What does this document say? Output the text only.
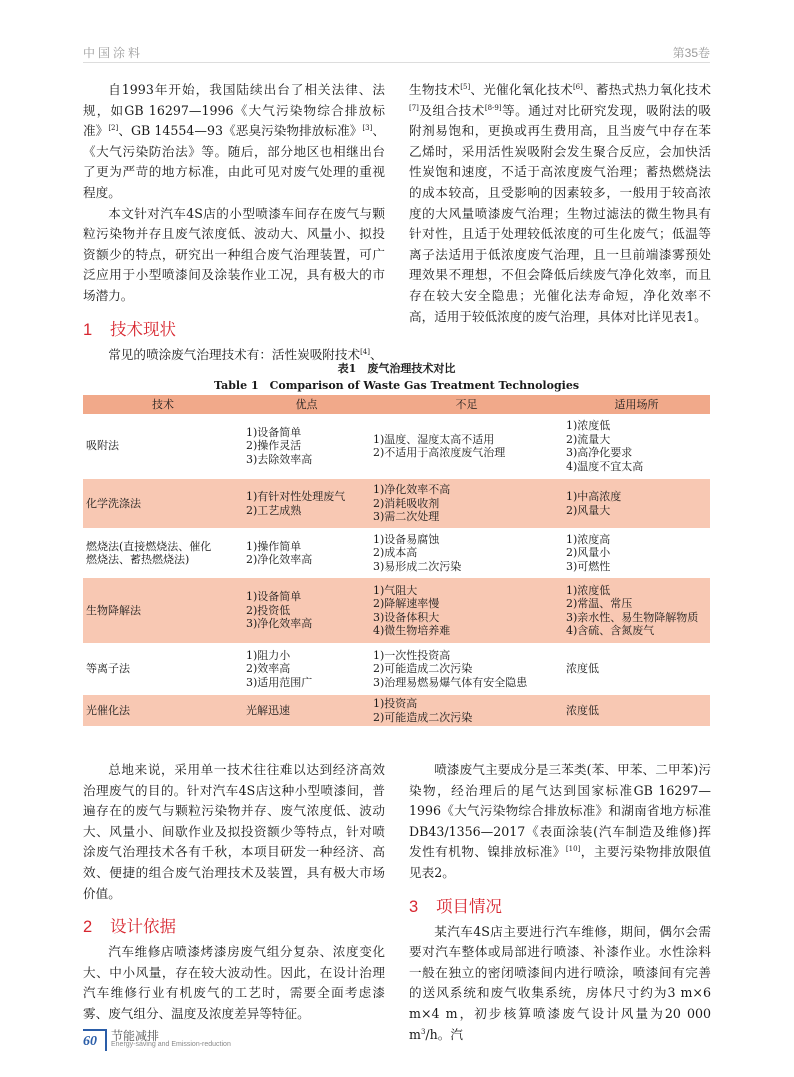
中国涂料	第35卷

自1993年开始，我国陆续出台了相关法律、法规，如GB 16297—1996《大气污染物综合排放标准》[2]、GB 14554—93《恶臭污染物排放标准》[3]、《大气污染防治法》等。随后，部分地区也相继出台了更为严苛的地方标准，由此可见对废气处理的重视程度。

本文针对汽车4S店的小型喷漆车间存在废气与颗粒污染物并存且废气浓度低、波动大、风量小、拟投资额少的特点，研究出一种组合废气治理装置，可广泛应用于小型喷漆间及涂装作业工况，具有极大的市场潜力。

1 技术现状

常见的喷涂废气治理技术有：活性炭吸附技术[4]、

生物技术[5]、光催化氧化技术[6]、蓄热式热力氧化技术[7]及组合技术[8-9]等。通过对比研究发现，吸附法的吸附剂易饱和，更换或再生费用高，且当废气中存在苯乙烯时，采用活性炭吸附会发生聚合反应，会加快活性炭饱和速度，不适于高浓度废气治理；蓄热燃烧法的成本较高，且受影响的因素较多，一般用于较高浓度的大风量喷漆废气治理；生物过滤法的微生物具有针对性，且适于处理较低浓度的可生化废气；低温等离子法适用于低浓度废气治理，且一旦前端漆雾预处理效果不理想，不但会降低后续废气净化效率，而且存在较大安全隐患；光催化法寿命短，净化效率不高，适用于较低浓度的废气治理，具体对比详见表1。

表1　废气治理技术对比
Table 1　Comparison of Waste Gas Treatment Technologies
技术	优点	不足	适用场所

吸附法	1)设备简单
2)操作灵活
3)去除效率高	1)温度、湿度太高不适用
2)不适用于高浓度废气治理	1)浓度低
2)流量大
3)高净化要求
4)温度不宜太高

化学洗涤法	1)有针对性处理废气
2)工艺成熟	1)净化效率不高
2)消耗吸收剂
3)需二次处理	1)中高浓度
2)风量大

燃烧法(直接燃烧法、催化
燃烧法、蓄热燃烧法)	1)操作简单
2)净化效率高	1)设备易腐蚀
2)成本高
3)易形成二次污染	1)浓度高
2)风量小
3)可燃性

生物降解法	1)设备简单
2)投资低
3)净化效率高	1)气阻大
2)降解速率慢
3)设备体积大
4)微生物培养难	1)浓度低
2)常温、常压
3)亲水性、易生物降解物质
4)含硫、含氮废气

等离子法	1)阻力小
2)效率高
3)适用范围广	1)一次性投资高
2)可能造成二次污染
3)治理易燃易爆气体有安全隐患	浓度低

光催化法	光解迅速	1)投资高
2)可能造成二次污染	浓度低

总地来说，采用单一技术往往难以达到经济高效治理废气的目的。针对汽车4S店这种小型喷漆间，普遍存在的废气与颗粒污染物并存、废气浓度低、波动大、风量小、间歇作业及拟投资额少等特点，针对喷涂废气治理技术各有千秋，本项目研发一种经济、高效、便捷的组合废气治理技术及装置，具有极大市场价值。

2 设计依据

汽车维修店喷漆烤漆房废气组分复杂、浓度变化大、中小风量，存在较大波动性。因此，在设计治理汽车维修行业有机废气的工艺时，需要全面考虑漆雾、废气组分、温度及浓度差异等特征。

喷漆废气主要成分是三苯类(苯、甲苯、二甲苯)污染物，经治理后的尾气达到国家标准GB 16297—1996《大气污染物综合排放标准》和湖南省地方标准DB43/1356—2017《表面涂装(汽车制造及维修)挥发性有机物、镍排放标准》[10]，主要污染物排放限值见表2。

3 项目情况

某汽车4S店主要进行汽车维修，期间，偶尔会需要对汽车整体或局部进行喷漆、补漆作业。水性涂料一般在独立的密闭喷漆间内进行喷涂，喷漆间有完善的送风系统和废气收集系统，房体尺寸约为3 m×6 m×4 m，初步核算喷漆废气设计风量为20 000 $m^3/h$。汽

60	节能减排
Energy-saving and Emission-reduction
